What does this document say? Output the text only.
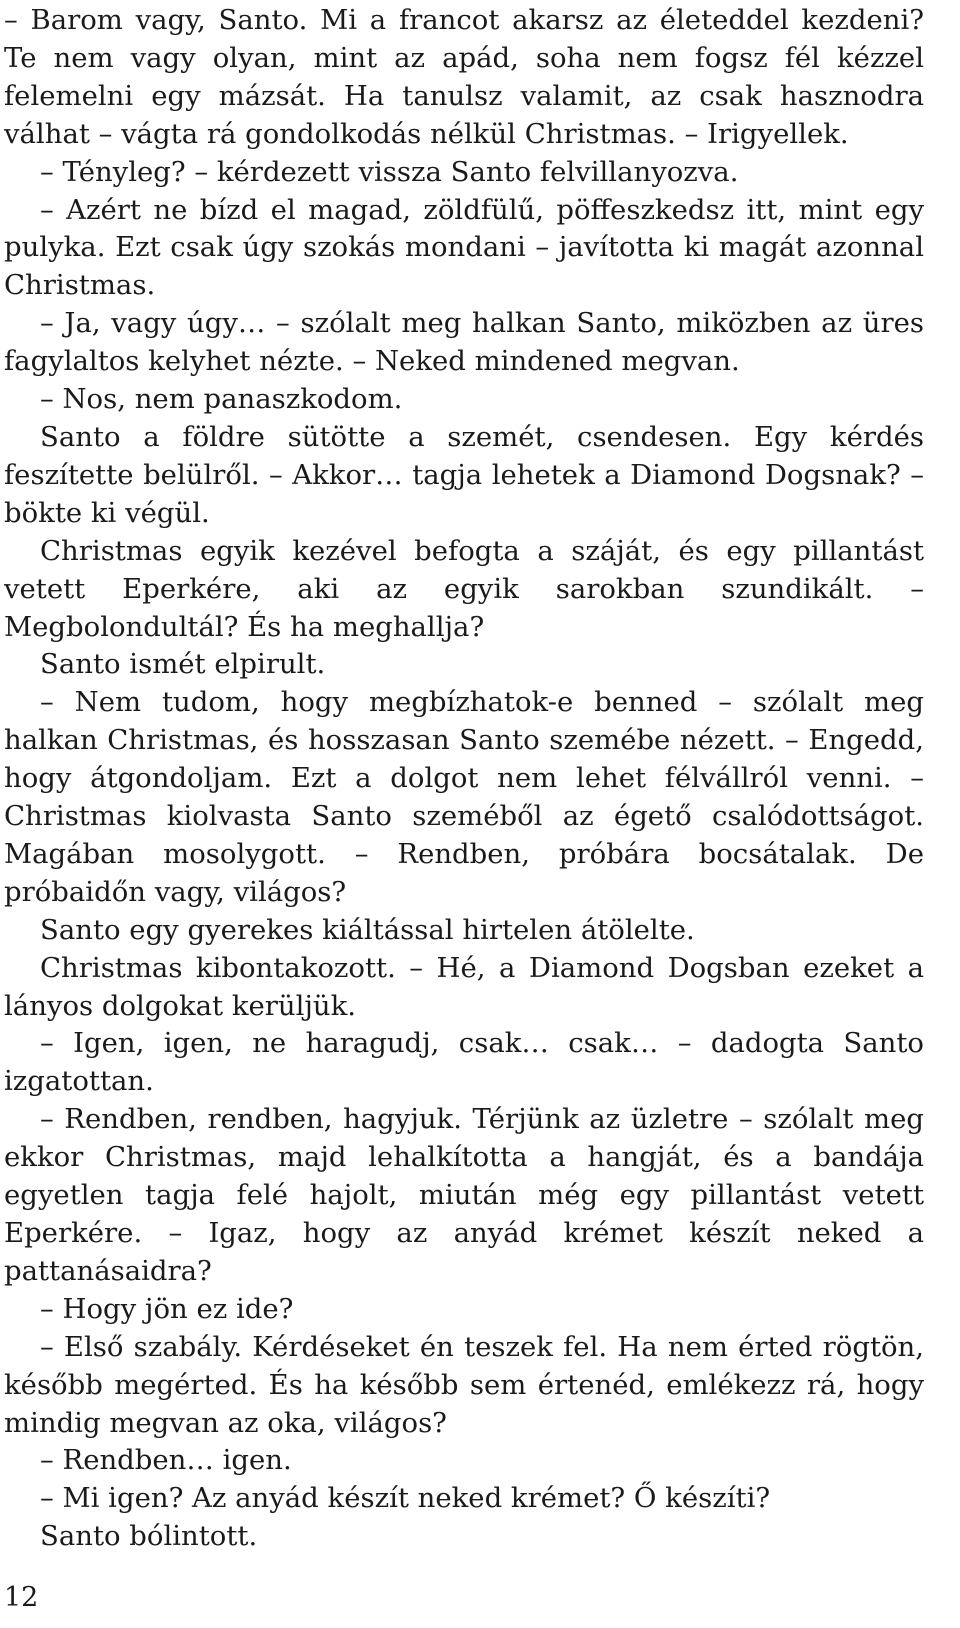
– Barom vagy, Santo. Mi a francot akarsz az életeddel kezdeni? Te nem vagy olyan, mint az apád, soha nem fogsz fél kézzel felemelni egy mázsát. Ha tanulsz valamit, az csak hasznodra válhat – vágta rá gondolkodás nélkül Christmas. – Irigyellek.

– Tényleg? – kérdezett vissza Santo felvillanyozva.

– Azért ne bízd el magad, zöldfülű, pöffeszkedsz itt, mint egy pulyka. Ezt csak úgy szokás mondani – javította ki magát azonnal Christmas.

– Ja, vagy úgy… – szólalt meg halkan Santo, miközben az üres fagylaltos kelyhet nézte. – Neked mindened megvan.

– Nos, nem panaszkodom.

Santo a földre sütötte a szemét, csendesen. Egy kérdés feszítette belülről. – Akkor… tagja lehetek a Diamond Dogsnak? – bökte ki végül.

Christmas egyik kezével befogta a száját, és egy pillantást vetett Eperkére, aki az egyik sarokban szundikált. – Megbolondultál? És ha meghallja?

Santo ismét elpirult.

– Nem tudom, hogy megbízhatok-e benned – szólalt meg halkan Christmas, és hosszasan Santo szemébe nézett. – Engedd, hogy átgondoljam. Ezt a dolgot nem lehet félvállról venni. – Christmas kiolvasta Santo szeméből az égető csalódottságot. Magában mosolygott. – Rendben, próbára bocsátalak. De próbaidőn vagy, világos?

Santo egy gyerekes kiáltással hirtelen átölelte.

Christmas kibontakozott. – Hé, a Diamond Dogsban ezeket a lányos dolgokat kerüljük.

– Igen, igen, ne haragudj, csak… csak… – dadogta Santo izgatottan.

– Rendben, rendben, hagyjuk. Térjünk az üzletre – szólalt meg ekkor Christmas, majd lehalkította a hangját, és a bandája egyetlen tagja felé hajolt, miután még egy pillantást vetett Eperkére. – Igaz, hogy az anyád krémet készít neked a pattanásaidra?

– Hogy jön ez ide?

– Első szabály. Kérdéseket én teszek fel. Ha nem érted rögtön, később megérted. És ha később sem értenéd, emlékezz rá, hogy mindig megvan az oka, világos?

– Rendben… igen.

– Mi igen? Az anyád készít neked krémet? Ő készíti?

Santo bólintott.

12
